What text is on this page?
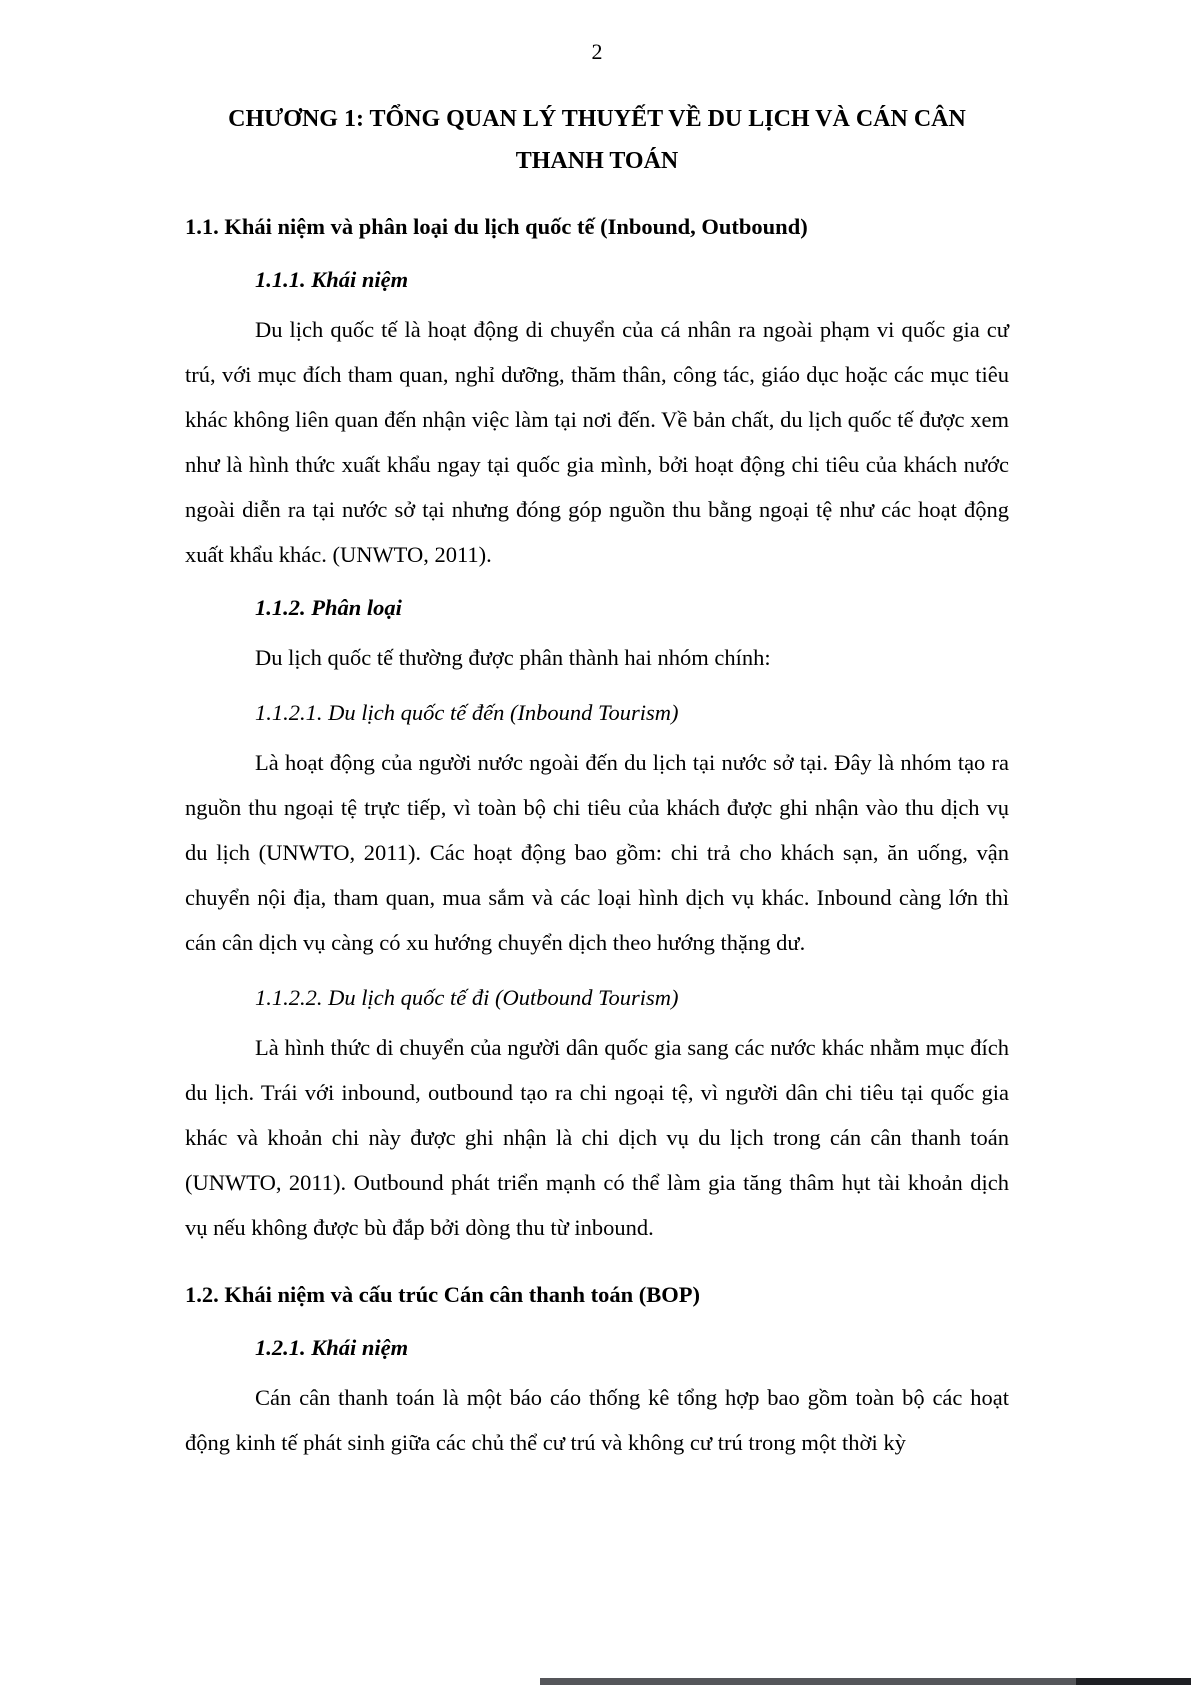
2
CHƯƠNG 1: TỔNG QUAN LÝ THUYẾT VỀ DU LỊCH VÀ CÁN CÂN
THANH TOÁN
1.1. Khái niệm và phân loại du lịch quốc tế (Inbound, Outbound)
1.1.1. Khái niệm
Du lịch quốc tế là hoạt động di chuyển của cá nhân ra ngoài phạm vi quốc gia cư trú, với mục đích tham quan, nghỉ dưỡng, thăm thân, công tác, giáo dục hoặc các mục tiêu khác không liên quan đến nhận việc làm tại nơi đến. Về bản chất, du lịch quốc tế được xem như là hình thức xuất khẩu ngay tại quốc gia mình, bởi hoạt động chi tiêu của khách nước ngoài diễn ra tại nước sở tại nhưng đóng góp nguồn thu bằng ngoại tệ như các hoạt động xuất khẩu khác. (UNWTO, 2011).
1.1.2. Phân loại
Du lịch quốc tế thường được phân thành hai nhóm chính:
1.1.2.1. Du lịch quốc tế đến (Inbound Tourism)
Là hoạt động của người nước ngoài đến du lịch tại nước sở tại. Đây là nhóm tạo ra nguồn thu ngoại tệ trực tiếp, vì toàn bộ chi tiêu của khách được ghi nhận vào thu dịch vụ du lịch (UNWTO, 2011). Các hoạt động bao gồm: chi trả cho khách sạn, ăn uống, vận chuyển nội địa, tham quan, mua sắm và các loại hình dịch vụ khác. Inbound càng lớn thì cán cân dịch vụ càng có xu hướng chuyển dịch theo hướng thặng dư.
1.1.2.2. Du lịch quốc tế đi (Outbound Tourism)
Là hình thức di chuyển của người dân quốc gia sang các nước khác nhằm mục đích du lịch. Trái với inbound, outbound tạo ra chi ngoại tệ, vì người dân chi tiêu tại quốc gia khác và khoản chi này được ghi nhận là chi dịch vụ du lịch trong cán cân thanh toán (UNWTO, 2011). Outbound phát triển mạnh có thể làm gia tăng thâm hụt tài khoản dịch vụ nếu không được bù đắp bởi dòng thu từ inbound.
1.2. Khái niệm và cấu trúc Cán cân thanh toán (BOP)
1.2.1. Khái niệm
Cán cân thanh toán là một báo cáo thống kê tổng hợp bao gồm toàn bộ các hoạt động kinh tế phát sinh giữa các chủ thể cư trú và không cư trú trong một thời kỳ
